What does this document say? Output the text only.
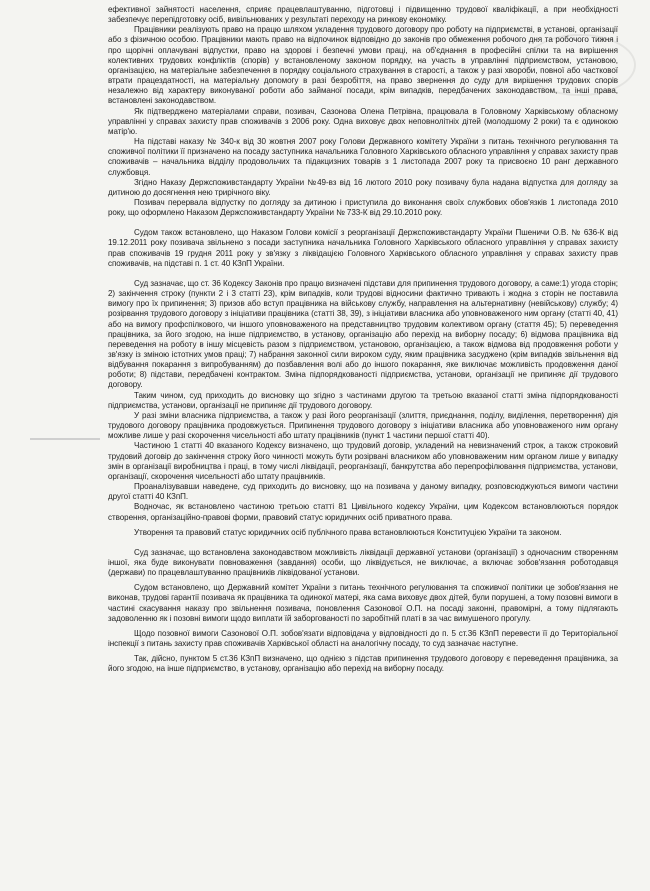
ефективної зайнятості населення, сприяє працевлаштуванню, підготовці і підвищенню трудової кваліфікації, а при необхідності забезпечує перепідготовку осіб, вивільнюваних у результаті переходу на ринкову економіку.

Працівники реалізують право на працю шляхом укладення трудового договору про роботу на підприємстві, в установі, організації або з фізичною особою. Працівники мають право на відпочинок відповідно до законів про обмеження робочого дня та робочого тижня і про щорічні оплачувані відпустки, право на здорові і безпечні умови праці, на об'єднання в професійні спілки та на вирішення колективних трудових конфліктів (спорів) у встановленому законом порядку, на участь в управлінні підприємством, установою, організацією, на матеріальне забезпечення в порядку соціального страхування в старості, а також у разі хвороби, повної або часткової втрати працездатності, на матеріальну допомогу в разі безробіття, на право звернення до суду для вирішення трудових спорів незалежно від характеру виконуваної роботи або займаної посади, крім випадків, передбачених законодавством, та інші права, встановлені законодавством.

Як підтверджено матеріалами справи, позивач, Сазонова Олена Петрівна, працювала в Головному Харківському обласному управлінні у справах захисту прав споживачів з 2006 року. Одна виховує двох неповнолітніх дітей (молодшому 2 роки) та є одинокою матір'ю.

На підставі наказу № 340-к від 30 жовтня 2007 року Голови Державного комітету України з питань технічного регулювання та споживчої політики її призначено на посаду заступника начальника Головного Харківського обласного управління у справах захисту прав споживачів – начальника відділу продовольчих та підакцизних товарів з 1 листопада 2007 року та присвоєно 10 ранг державного службовця.

Згідно Наказу Держспоживстандарту України №49-вз від 16 лютого 2010 року позивачу була надана відпустка для догляду за дитиною до досягнення нею трирічного віку.

Позивач перервала відпустку по догляду за дитиною і приступила до виконання своїх службових обов'язків 1 листопада 2010 року, що оформлено Наказом Держспоживстандарту України № 733-К від 29.10.2010 року.

Судом також встановлено, що Наказом Голови комісії з реорганізації Держспоживстандарту України Пшеничи О.В. № 636-К від 19.12.2011 року позивача звільнено з посади заступника начальника Головного Харківського обласного управління у справах захисту прав споживачів 19 грудня 2011 року у зв'язку з ліквідацією Головного Харківського обласного управління у справах захисту прав споживачів, на підставі п. 1 ст. 40 КЗпП України.

Суд зазначає, що ст. 36 Кодексу Законів про працю визначені підстави для припинення трудового договору, а саме:1) угода сторін; 2) закінчення строку (пункти 2 і 3 статті 23), крім випадків, коли трудові відносини фактично тривають і жодна з сторін не поставила вимогу про їх припинення; 3) призов або вступ працівника на військову службу, направлення на альтернативну (невійськову) службу; 4) розірвання трудового договору з ініціативи працівника (статті 38, 39), з ініціативи власника або уповноваженого ним органу (статті 40, 41) або на вимогу профспілкового, чи іншого уповноваженого на представництво трудовим колективом органу (стаття 45); 5) переведення працівника, за його згодою, на інше підприємство, в установу, організацію або перехід на виборну посаду; 6) відмова працівника від переведення на роботу в іншу місцевість разом з підприємством, установою, організацією, а також відмова від продовження роботи у зв'язку із зміною істотних умов праці; 7) набрання законної сили вироком суду, яким працівника засуджено (крім випадків звільнення від відбування покарання з випробуванням) до позбавлення волі або до іншого покарання, яке виключає можливість продовження даної роботи; 8) підстави, передбачені контрактом. Зміна підпорядкованості підприємства, установи, організації не припиняє дії трудового договору.

Таким чином, суд приходить до висновку що згідно з частинами другою та третьою вказаної статті зміна підпорядкованості підприємства, установи, організації не припиняє дії трудового договору.

У разі зміни власника підприємства, а також у разі його реорганізації (злиття, приєднання, поділу, виділення, перетворення) дія трудового договору працівника продовжується. Припинення трудового договору з ініціативи власника або уповноваженого ним органу можливе лише у разі скорочення чисельності або штату працівників (пункт 1 частини першої статті 40).

Частиною 1 статті 40 вказаного Кодексу визначено, що трудовий договір, укладений на невизначений строк, а також строковий трудовий договір до закінчення строку його чинності можуть бути розірвані власником або уповноваженим ним органом лише у випадку змін в організації виробництва і праці, в тому числі ліквідації, реорганізації, банкрутства або перепрофілювання підприємства, установи, організації, скорочення чисельності або штату працівників.

Проаналізувавши наведене, суд приходить до висновку, що на позивача у даному випадку, розповсюджуються вимоги частини другої статті 40 КЗпП.

Водночас, як встановлено частиною третьою статті 81 Цивільного кодексу України, цим Кодексом встановлюються порядок створення, організаційно-правові форми, правовий статус юридичних осіб приватного права.

Утворення та правовий статус юридичних осіб публічного права встановлюються Конституцією України та законом.

Суд зазначає, що встановлена законодавством можливість ліквідації державної установи (організації) з одночасним створенням іншої, яка буде виконувати повноваження (завдання) особи, що ліквідується, не виключає, а включає зобов'язання роботодавця (держави) по працевлаштуванню працівників ліквідованої установи.

Судом встановлено, що Державний комітет України з питань технічного регулювання та споживчої політики це зобов'язання не виконав, трудові гарантії позивача як працівника та одинокої матері, яка сама виховує двох дітей, були порушені, а тому позовні вимоги в частині скасування наказу про звільнення позивача, поновлення Сазонової О.П. на посаді законні, правомірні, а тому підлягають задоволенню як і позовні вимоги щодо виплати їй заборгованості по заробітній платі в за час вимушеного прогулу.

Щодо позовної вимоги Сазонової О.П. зобов'язати відповідача у відповідності до п. 5 ст.36 КЗпП перевести її до Територіальної інспекції з питань захисту прав споживачів Харківської області на аналогічну посаду, то суд зазначає наступне.

Так, дійсно, пунктом 5 ст.36 КЗпП визначено, що однією з підстав припинення трудового договору є переведення працівника, за його згодою, на інше підприємство, в установу, організацію або перехід на виборну посаду.
